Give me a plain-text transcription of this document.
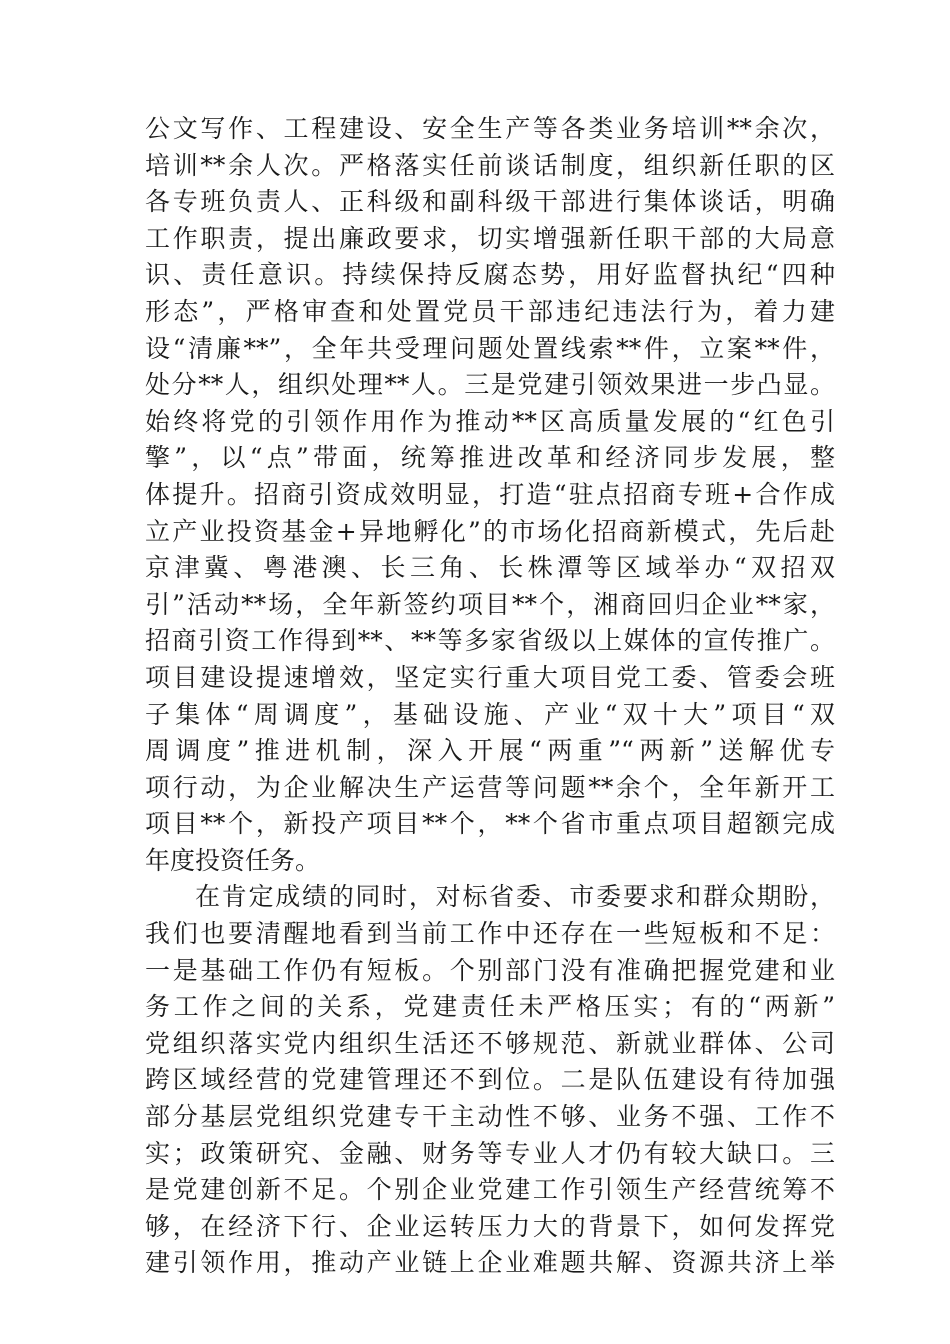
公文写作、工程建设、安全生产等各类业务培训**余次，
培训**余人次。严格落实任前谈话制度，组织新任职的区
各专班负责人、正科级和副科级干部进行集体谈话，明确
工作职责，提出廉政要求，切实增强新任职干部的大局意
识、责任意识。持续保持反腐态势，用好监督执纪“四种
形态”，严格审查和处置党员干部违纪违法行为，着力建
设“清廉**”，全年共受理问题处置线索**件，立案**件，
处分**人，组织处理**人。三是党建引领效果进一步凸显。
始终将党的引领作用作为推动**区高质量发展的“红色引
擎”，以“点”带面，统筹推进改革和经济同步发展，整
体提升。招商引资成效明显，打造“驻点招商专班+合作成
立产业投资基金+异地孵化”的市场化招商新模式，先后赴
京津冀、粤港澳、长三角、长株潭等区域举办“双招双
引”活动**场，全年新签约项目**个，湘商回归企业**家，
招商引资工作得到**、**等多家省级以上媒体的宣传推广。
项目建设提速增效，坚定实行重大项目党工委、管委会班
子集体“周调度”，基础设施、产业“双十大”项目“双
周调度”推进机制，深入开展“两重”“两新”送解优专
项行动，为企业解决生产运营等问题**余个，全年新开工
项目**个，新投产项目**个，**个省市重点项目超额完成
年度投资任务。
在肯定成绩的同时，对标省委、市委要求和群众期盼，
我们也要清醒地看到当前工作中还存在一些短板和不足：
一是基础工作仍有短板。个别部门没有准确把握党建和业
务工作之间的关系，党建责任未严格压实；有的“两新”
党组织落实党内组织生活还不够规范、新就业群体、公司
跨区域经营的党建管理还不到位。二是队伍建设有待加强
部分基层党组织党建专干主动性不够、业务不强、工作不
实；政策研究、金融、财务等专业人才仍有较大缺口。三
是党建创新不足。个别企业党建工作引领生产经营统筹不
够，在经济下行、企业运转压力大的背景下，如何发挥党
建引领作用，推动产业链上企业难题共解、资源共济上举
